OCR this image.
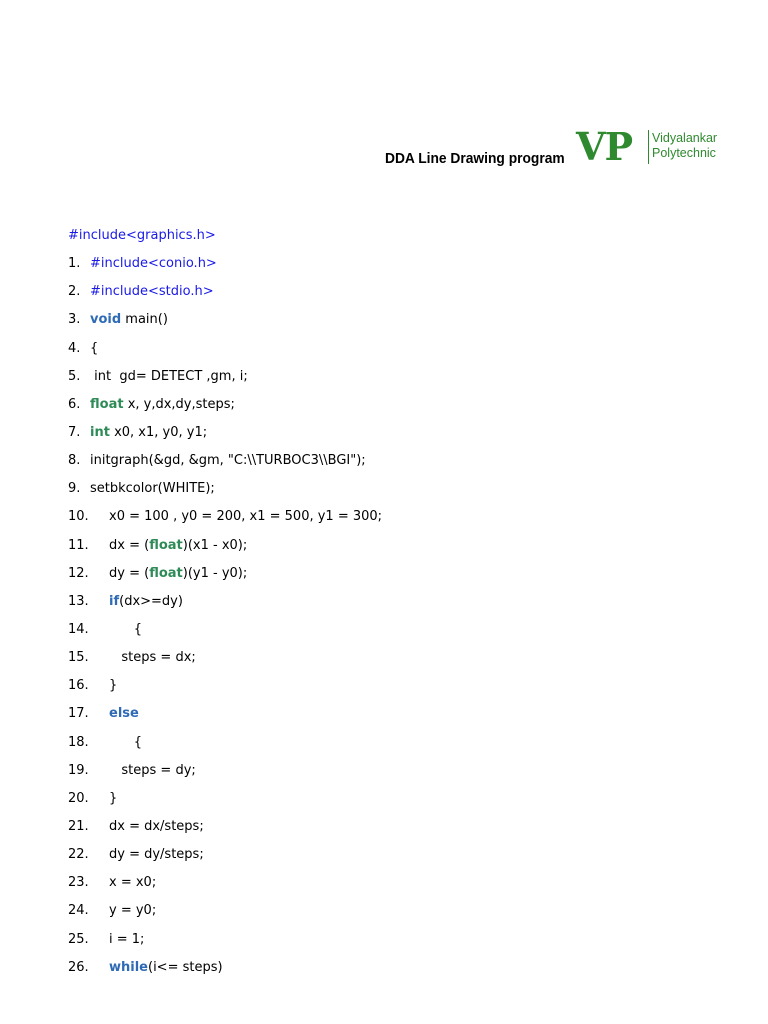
DDA Line Drawing program VP Vidyalankar
Polytechnic
#include<graphics.h>
1. #include<conio.h>
2. #include<stdio.h>
3. void main()
4. {
5. int  gd= DETECT ,gm, i;
6. float x, y,dx,dy,steps;
7. int x0, x1, y0, y1;
8. initgraph(&gd, &gm, "C:\\TURBOC3\\BGI");
9. setbkcolor(WHITE);
10. x0 = 100 , y0 = 200, x1 = 500, y1 = 300;
11. dx = (float)(x1 - x0);
12. dy = (float)(y1 - y0);
13. if(dx>=dy)
14.      {
15.   steps = dx;
16. }
17. else
18.      {
19.   steps = dy;
20. }
21. dx = dx/steps;
22. dy = dy/steps;
23. x = x0;
24. y = y0;
25. i = 1;
26. while(i<= steps)
